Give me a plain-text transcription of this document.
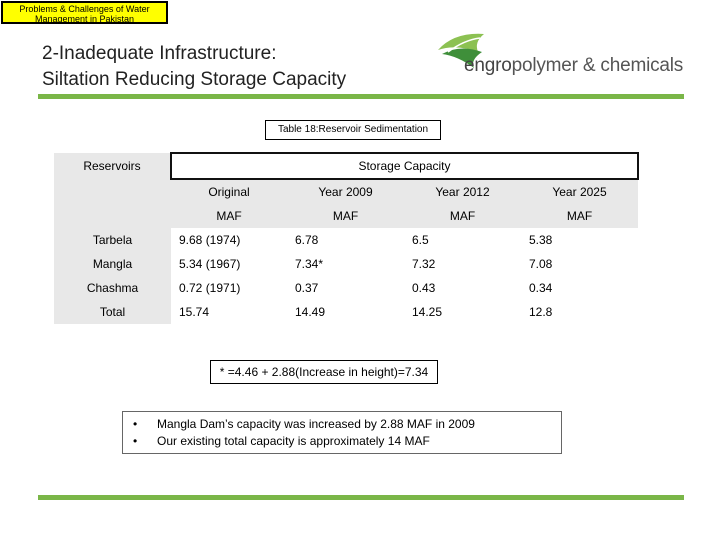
Problems & Challenges of Water Management in Pakistan
2-Inadequate Infrastructure:
Siltation Reducing Storage Capacity
engropolymer & chemicals
Table 18:Reservoir Sedimentation
Reservoirs	Storage Capacity			
	Original	Year 2009	Year 2012	Year 2025
	MAF	MAF	MAF	MAF
Tarbela	9.68 (1974)	6.78	6.5	5.38
Mangla	5.34 (1967)	7.34*	7.32	7.08
Chashma	0.72 (1971)	0.37	0.43	0.34
Total	15.74	14.49	14.25	12.8
* =4.46 + 2.88(Increase in height)=7.34
• Mangla Dam’s capacity was increased by 2.88 MAF in 2009
• Our existing total capacity is approximately 14 MAF
